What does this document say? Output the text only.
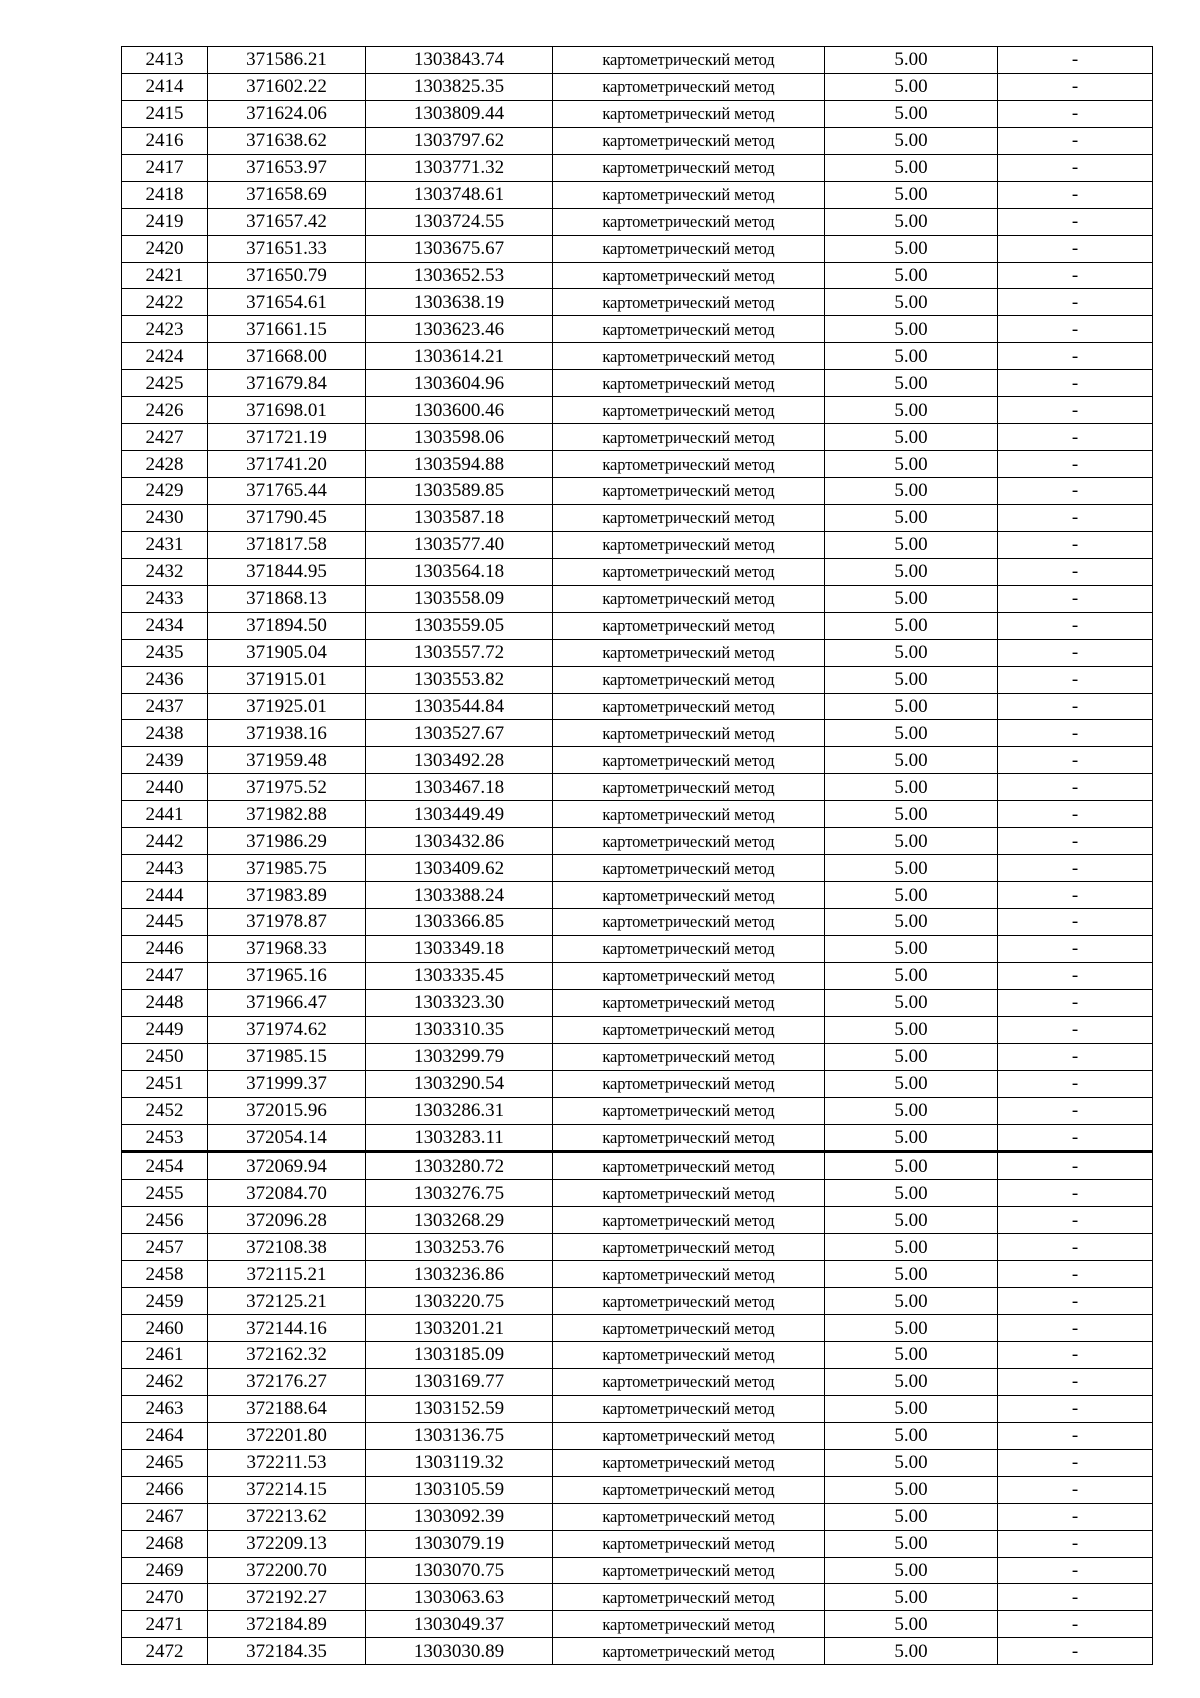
2413	371586.21	1303843.74	картометрический метод	5.00	-
2414	371602.22	1303825.35	картометрический метод	5.00	-
2415	371624.06	1303809.44	картометрический метод	5.00	-
2416	371638.62	1303797.62	картометрический метод	5.00	-
2417	371653.97	1303771.32	картометрический метод	5.00	-
2418	371658.69	1303748.61	картометрический метод	5.00	-
2419	371657.42	1303724.55	картометрический метод	5.00	-
2420	371651.33	1303675.67	картометрический метод	5.00	-
2421	371650.79	1303652.53	картометрический метод	5.00	-
2422	371654.61	1303638.19	картометрический метод	5.00	-
2423	371661.15	1303623.46	картометрический метод	5.00	-
2424	371668.00	1303614.21	картометрический метод	5.00	-
2425	371679.84	1303604.96	картометрический метод	5.00	-
2426	371698.01	1303600.46	картометрический метод	5.00	-
2427	371721.19	1303598.06	картометрический метод	5.00	-
2428	371741.20	1303594.88	картометрический метод	5.00	-
2429	371765.44	1303589.85	картометрический метод	5.00	-
2430	371790.45	1303587.18	картометрический метод	5.00	-
2431	371817.58	1303577.40	картометрический метод	5.00	-
2432	371844.95	1303564.18	картометрический метод	5.00	-
2433	371868.13	1303558.09	картометрический метод	5.00	-
2434	371894.50	1303559.05	картометрический метод	5.00	-
2435	371905.04	1303557.72	картометрический метод	5.00	-
2436	371915.01	1303553.82	картометрический метод	5.00	-
2437	371925.01	1303544.84	картометрический метод	5.00	-
2438	371938.16	1303527.67	картометрический метод	5.00	-
2439	371959.48	1303492.28	картометрический метод	5.00	-
2440	371975.52	1303467.18	картометрический метод	5.00	-
2441	371982.88	1303449.49	картометрический метод	5.00	-
2442	371986.29	1303432.86	картометрический метод	5.00	-
2443	371985.75	1303409.62	картометрический метод	5.00	-
2444	371983.89	1303388.24	картометрический метод	5.00	-
2445	371978.87	1303366.85	картометрический метод	5.00	-
2446	371968.33	1303349.18	картометрический метод	5.00	-
2447	371965.16	1303335.45	картометрический метод	5.00	-
2448	371966.47	1303323.30	картометрический метод	5.00	-
2449	371974.62	1303310.35	картометрический метод	5.00	-
2450	371985.15	1303299.79	картометрический метод	5.00	-
2451	371999.37	1303290.54	картометрический метод	5.00	-
2452	372015.96	1303286.31	картометрический метод	5.00	-
2453	372054.14	1303283.11	картометрический метод	5.00	-
2454	372069.94	1303280.72	картометрический метод	5.00	-
2455	372084.70	1303276.75	картометрический метод	5.00	-
2456	372096.28	1303268.29	картометрический метод	5.00	-
2457	372108.38	1303253.76	картометрический метод	5.00	-
2458	372115.21	1303236.86	картометрический метод	5.00	-
2459	372125.21	1303220.75	картометрический метод	5.00	-
2460	372144.16	1303201.21	картометрический метод	5.00	-
2461	372162.32	1303185.09	картометрический метод	5.00	-
2462	372176.27	1303169.77	картометрический метод	5.00	-
2463	372188.64	1303152.59	картометрический метод	5.00	-
2464	372201.80	1303136.75	картометрический метод	5.00	-
2465	372211.53	1303119.32	картометрический метод	5.00	-
2466	372214.15	1303105.59	картометрический метод	5.00	-
2467	372213.62	1303092.39	картометрический метод	5.00	-
2468	372209.13	1303079.19	картометрический метод	5.00	-
2469	372200.70	1303070.75	картометрический метод	5.00	-
2470	372192.27	1303063.63	картометрический метод	5.00	-
2471	372184.89	1303049.37	картометрический метод	5.00	-
2472	372184.35	1303030.89	картометрический метод	5.00	-
